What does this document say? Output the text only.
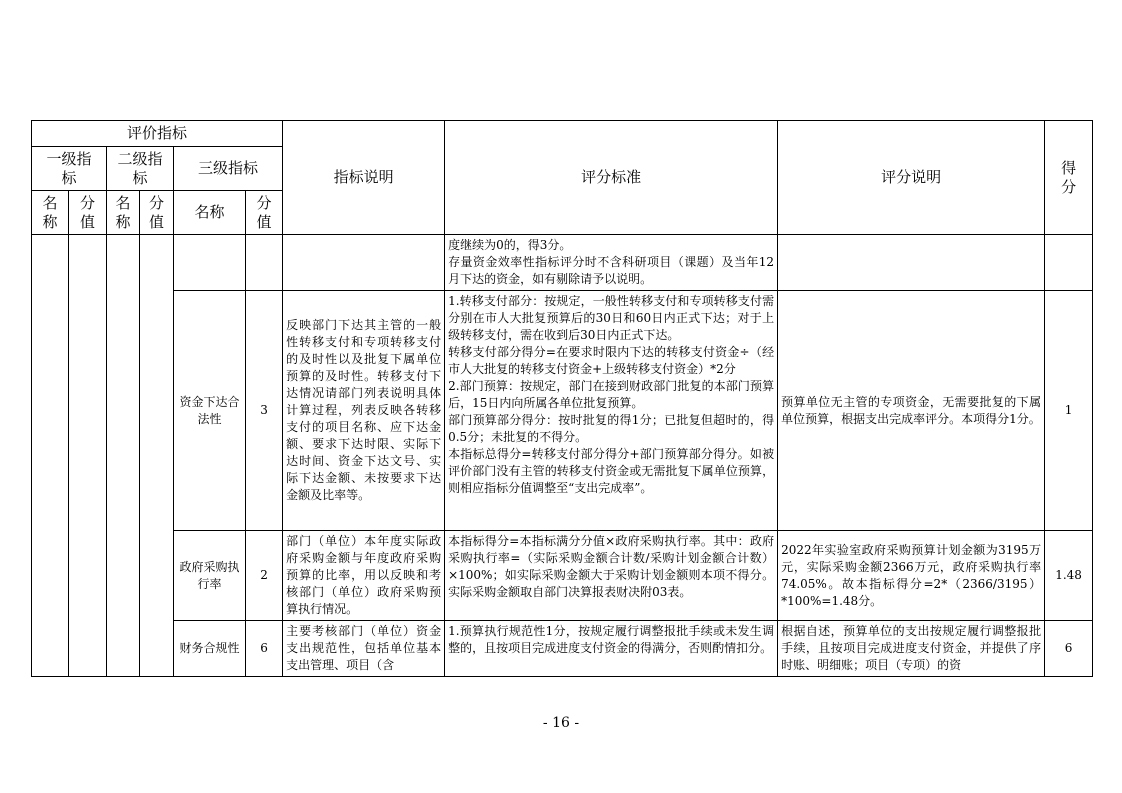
评价指标						指标说明	评分标准	评分说明	得分
一级指标		二级指标		三级指标					
名称	分值	名称	分值	名称	分值				
							度继续为0的，得3分。
存量资金效率性指标评分时不含科研项目（课题）及当年12月下达的资金，如有剔除请予以说明。		
				资金下达合法性	3	反映部门下达其主管的一般性转移支付和专项转移支付的及时性以及批复下属单位预算的及时性。转移支付下达情况请部门列表说明具体计算过程，列表反映各转移支付的项目名称、应下达金额、要求下达时限、实际下达时间、资金下达文号、实际下达金额、未按要求下达金额及比率等。	1.转移支付部分：按规定，一般性转移支付和专项转移支付需分别在市人大批复预算后的30日和60日内正式下达；对于上级转移支付，需在收到后30日内正式下达。
转移支付部分得分=在要求时限内下达的转移支付资金÷（经市人大批复的转移支付资金+上级转移支付资金）*2分
2.部门预算：按规定，部门在接到财政部门批复的本部门预算后，15日内向所属各单位批复预算。
部门预算部分得分：按时批复的得1分；已批复但超时的，得0.5分；未批复的不得分。
本指标总得分=转移支付部分得分+部门预算部分得分。如被评价部门没有主管的转移支付资金或无需批复下属单位预算，则相应指标分值调整至“支出完成率”。	预算单位无主管的专项资金，无需要批复的下属单位预算，根据支出完成率评分。本项得分1分。	1
				政府采购执行率	2	部门（单位）本年度实际政府采购金额与年度政府采购预算的比率，用以反映和考核部门（单位）政府采购预算执行情况。	本指标得分=本指标满分分值×政府采购执行率。其中：政府采购执行率=（实际采购金额合计数/采购计划金额合计数）×100%；如实际采购金额大于采购计划金额则本项不得分。实际采购金额取自部门决算报表财决附03表。	2022年实验室政府采购预算计划金额为3195万元，实际采购金额2366万元，政府采购执行率74.05%。故本指标得分=2*（2366/3195）*100%=1.48分。	1.48
				财务合规性	6	主要考核部门（单位）资金支出规范性，包括单位基本支出管理、项目（含	1.预算执行规范性1分，按规定履行调整报批手续或未发生调整的，且按项目完成进度支付资金的得满分，否则酌情扣分。	根据自述，预算单位的支出按规定履行调整报批手续，且按项目完成进度支付资金，并提供了序时账、明细账；项目（专项）的资	6
- 16 -
